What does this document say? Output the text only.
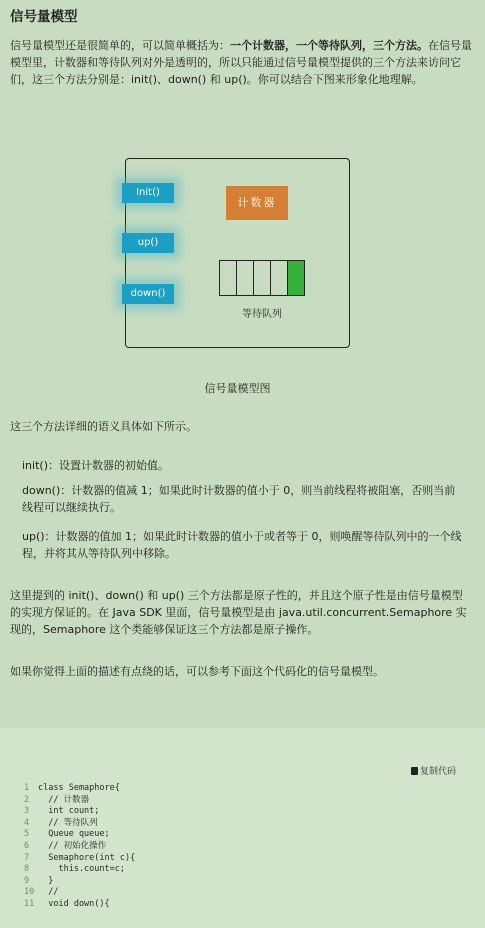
信号量模型
信号量模型还是很简单的，可以简单概括为：一个计数器，一个等待队列，三个方法。在信号量模型里，计数器和等待队列对外是透明的，所以只能通过信号量模型提供的三个方法来访问它们，这三个方法分别是：init()、down() 和 up()。你可以结合下图来形象化地理解。
Init()
up()
down()
计数器
等待队列
信号量模型图
这三个方法详细的语义具体如下所示。
init()：设置计数器的初始值。
down()：计数器的值减 1；如果此时计数器的值小于 0，则当前线程将被阻塞，否则当前线程可以继续执行。
up()：计数器的值加 1；如果此时计数器的值小于或者等于 0，则唤醒等待队列中的一个线程，并将其从等待队列中移除。
这里提到的 init()、down() 和 up() 三个方法都是原子性的，并且这个原子性是由信号量模型的实现方保证的。在 Java SDK 里面，信号量模型是由 java.util.concurrent.Semaphore 实现的，Semaphore 这个类能够保证这三个方法都是原子操作。
如果你觉得上面的描述有点绕的话，可以参考下面这个代码化的信号量模型。
复制代码
1	class Semaphore{
2	// 计数器
3	int count;
4	// 等待队列
5	Queue queue;
6	// 初始化操作
7	Semaphore(int c){
8	this.count=c;
9	}
10 //
11 void down(){
